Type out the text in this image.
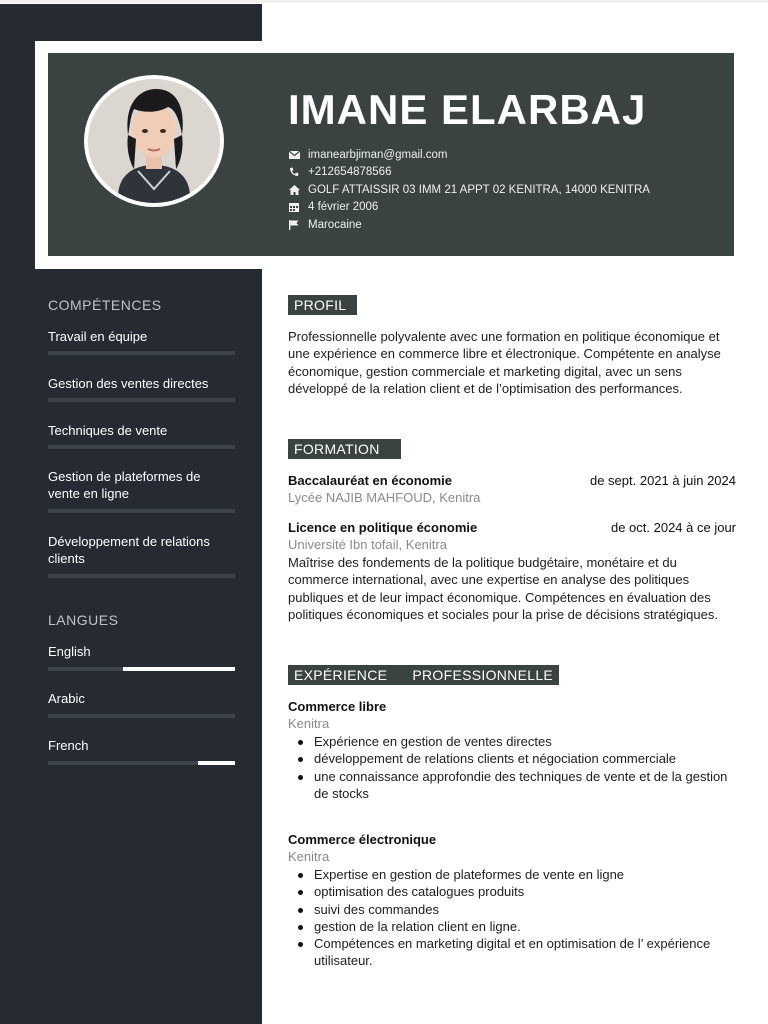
IMANE ELARBAJ
imanearbjiman@gmail.com
+212654878566
GOLF ATTAISSIR 03 IMM 21 APPT 02 KENITRA, 14000 KENITRA
4 février 2006
Marocaine
COMPÉTENCES
Travail en équipe
Gestion des ventes directes
Techniques de vente
Gestion de plateformes de vente en ligne
Développement de relations clients
LANGUES
English
Arabic
French
PROFIL
Professionnelle polyvalente avec une formation en politique économique et une expérience en commerce libre et électronique. Compétente en analyse économique, gestion commerciale et marketing digital, avec un sens développé de la relation client et de l’optimisation des performances.
FORMATION
Baccalauréat en économie	de sept. 2021 à juin 2024
Lycée NAJIB MAHFOUD, Kenitra
Licence en politique économie	de oct. 2024 à ce jour
Université Ibn tofail, Kenitra
Maîtrise des fondements de la politique budgétaire, monétaire et du commerce international, avec une expertise en analyse des politiques publiques et de leur impact économique. Compétences en évaluation des politiques économiques et sociales pour la prise de décisions stratégiques.
EXPÉRIENCE      PROFESSIONNELLE
Commerce libre
Kenitra
Expérience en gestion de ventes directes
développement de relations clients et négociation commerciale
une connaissance approfondie des techniques de vente et de la gestion de stocks
Commerce électronique
Kenitra
Expertise en gestion de plateformes de vente en ligne
optimisation des catalogues produits
suivi des commandes
gestion de la relation client en ligne.
Compétences en marketing digital et en optimisation de l’ expérience utilisateur.
